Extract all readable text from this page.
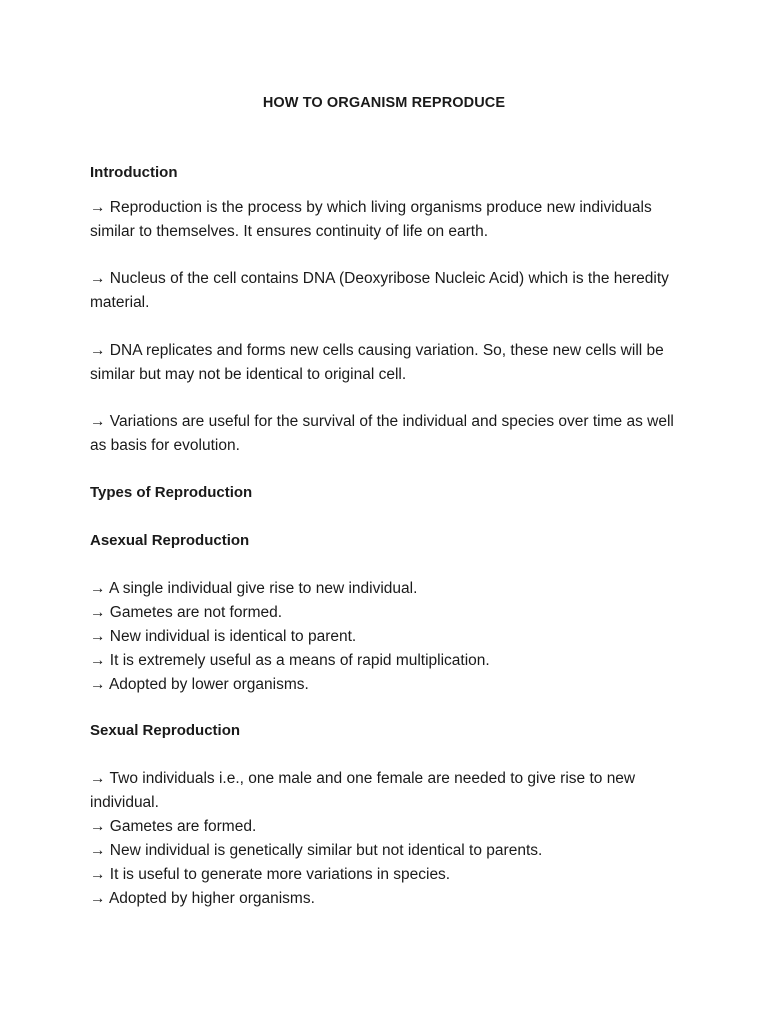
HOW TO ORGANISM REPRODUCE
Introduction
→ Reproduction is the process by which living organisms produce new individuals similar to themselves. It ensures continuity of life on earth.
→ Nucleus of the cell contains DNA (Deoxyribose Nucleic Acid) which is the heredity material.
→ DNA replicates and forms new cells causing variation. So, these new cells will be similar but may not be identical to original cell.
→ Variations are useful for the survival of the individual and species over time as well as basis for evolution.
Types of Reproduction
Asexual Reproduction
→ A single individual give rise to new individual.
→ Gametes are not formed.
→ New individual is identical to parent.
→ It is extremely useful as a means of rapid multiplication.
→ Adopted by lower organisms.
Sexual Reproduction
→ Two individuals i.e., one male and one female are needed to give rise to new individual.
→ Gametes are formed.
→ New individual is genetically similar but not identical to parents.
→ It is useful to generate more variations in species.
→ Adopted by higher organisms.
